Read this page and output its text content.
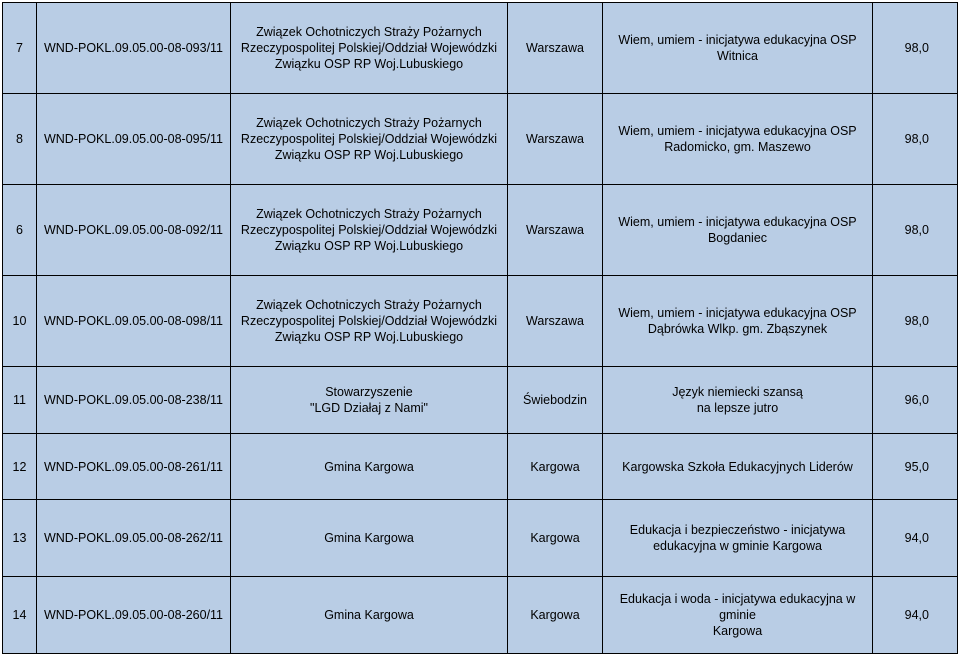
7	WND-POKL.09.05.00-08-093/11	Związek Ochotniczych Straży Pożarnych
Rzeczypospolitej Polskiej/Oddział Wojewódzki
Związku OSP RP Woj.Lubuskiego	Warszawa	Wiem, umiem - inicjatywa edukacyjna OSP
Witnica	98,0
8	WND-POKL.09.05.00-08-095/11	Związek Ochotniczych Straży Pożarnych
Rzeczypospolitej Polskiej/Oddział Wojewódzki
Związku OSP RP Woj.Lubuskiego	Warszawa	Wiem, umiem - inicjatywa edukacyjna OSP
Radomicko, gm. Maszewo	98,0
6	WND-POKL.09.05.00-08-092/11	Związek Ochotniczych Straży Pożarnych
Rzeczypospolitej Polskiej/Oddział Wojewódzki
Związku OSP RP Woj.Lubuskiego	Warszawa	Wiem, umiem - inicjatywa edukacyjna OSP
Bogdaniec	98,0
10	WND-POKL.09.05.00-08-098/11	Związek Ochotniczych Straży Pożarnych
Rzeczypospolitej Polskiej/Oddział Wojewódzki
Związku OSP RP Woj.Lubuskiego	Warszawa	Wiem, umiem - inicjatywa edukacyjna OSP
Dąbrówka Wlkp. gm. Zbąszynek	98,0
11	WND-POKL.09.05.00-08-238/11	Stowarzyszenie
"LGD Działaj z Nami"	Świebodzin	Język niemiecki szansą
na lepsze jutro	96,0
12	WND-POKL.09.05.00-08-261/11	Gmina Kargowa	Kargowa	Kargowska Szkoła Edukacyjnych Liderów	95,0
13	WND-POKL.09.05.00-08-262/11	Gmina Kargowa	Kargowa	Edukacja i bezpieczeństwo - inicjatywa
edukacyjna w gminie Kargowa	94,0
14	WND-POKL.09.05.00-08-260/11	Gmina Kargowa	Kargowa	Edukacja i woda - inicjatywa edukacyjna w gminie
Kargowa	94,0
